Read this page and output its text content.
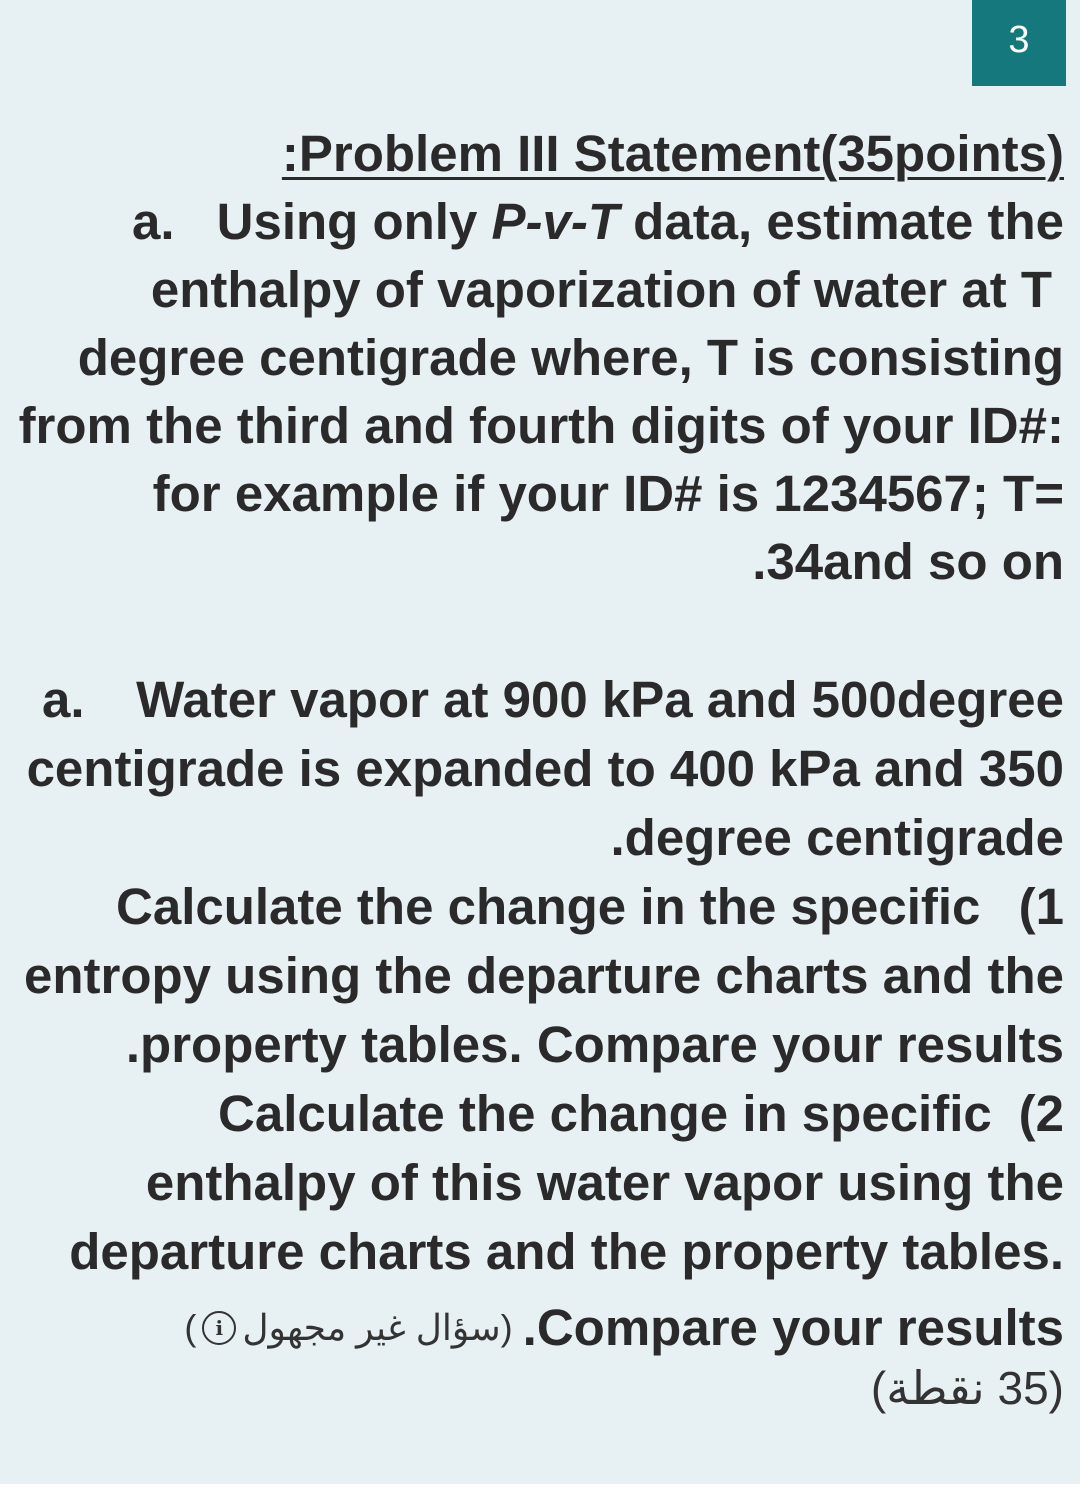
3
:Problem III Statement(35points)
a. Using only P-v-T data, estimate the
enthalpy of vaporization of water at T
degree centigrade where, T is consisting
from the third and fourth digits of your ID#:
for example if your ID# is 1234567; T=
.34and so on
a. Water vapor at 900 kPa and 500degree
centigrade is expanded to 400 kPa and 350
.degree centigrade
Calculate the change in the specific (1
entropy using the departure charts and the
.property tables. Compare your results
Calculate the change in specific (2
enthalpy of this water vapor using the
departure charts and the property tables.
( i سؤال غير مجهول ) .Compare your results
(35 نقطة)
